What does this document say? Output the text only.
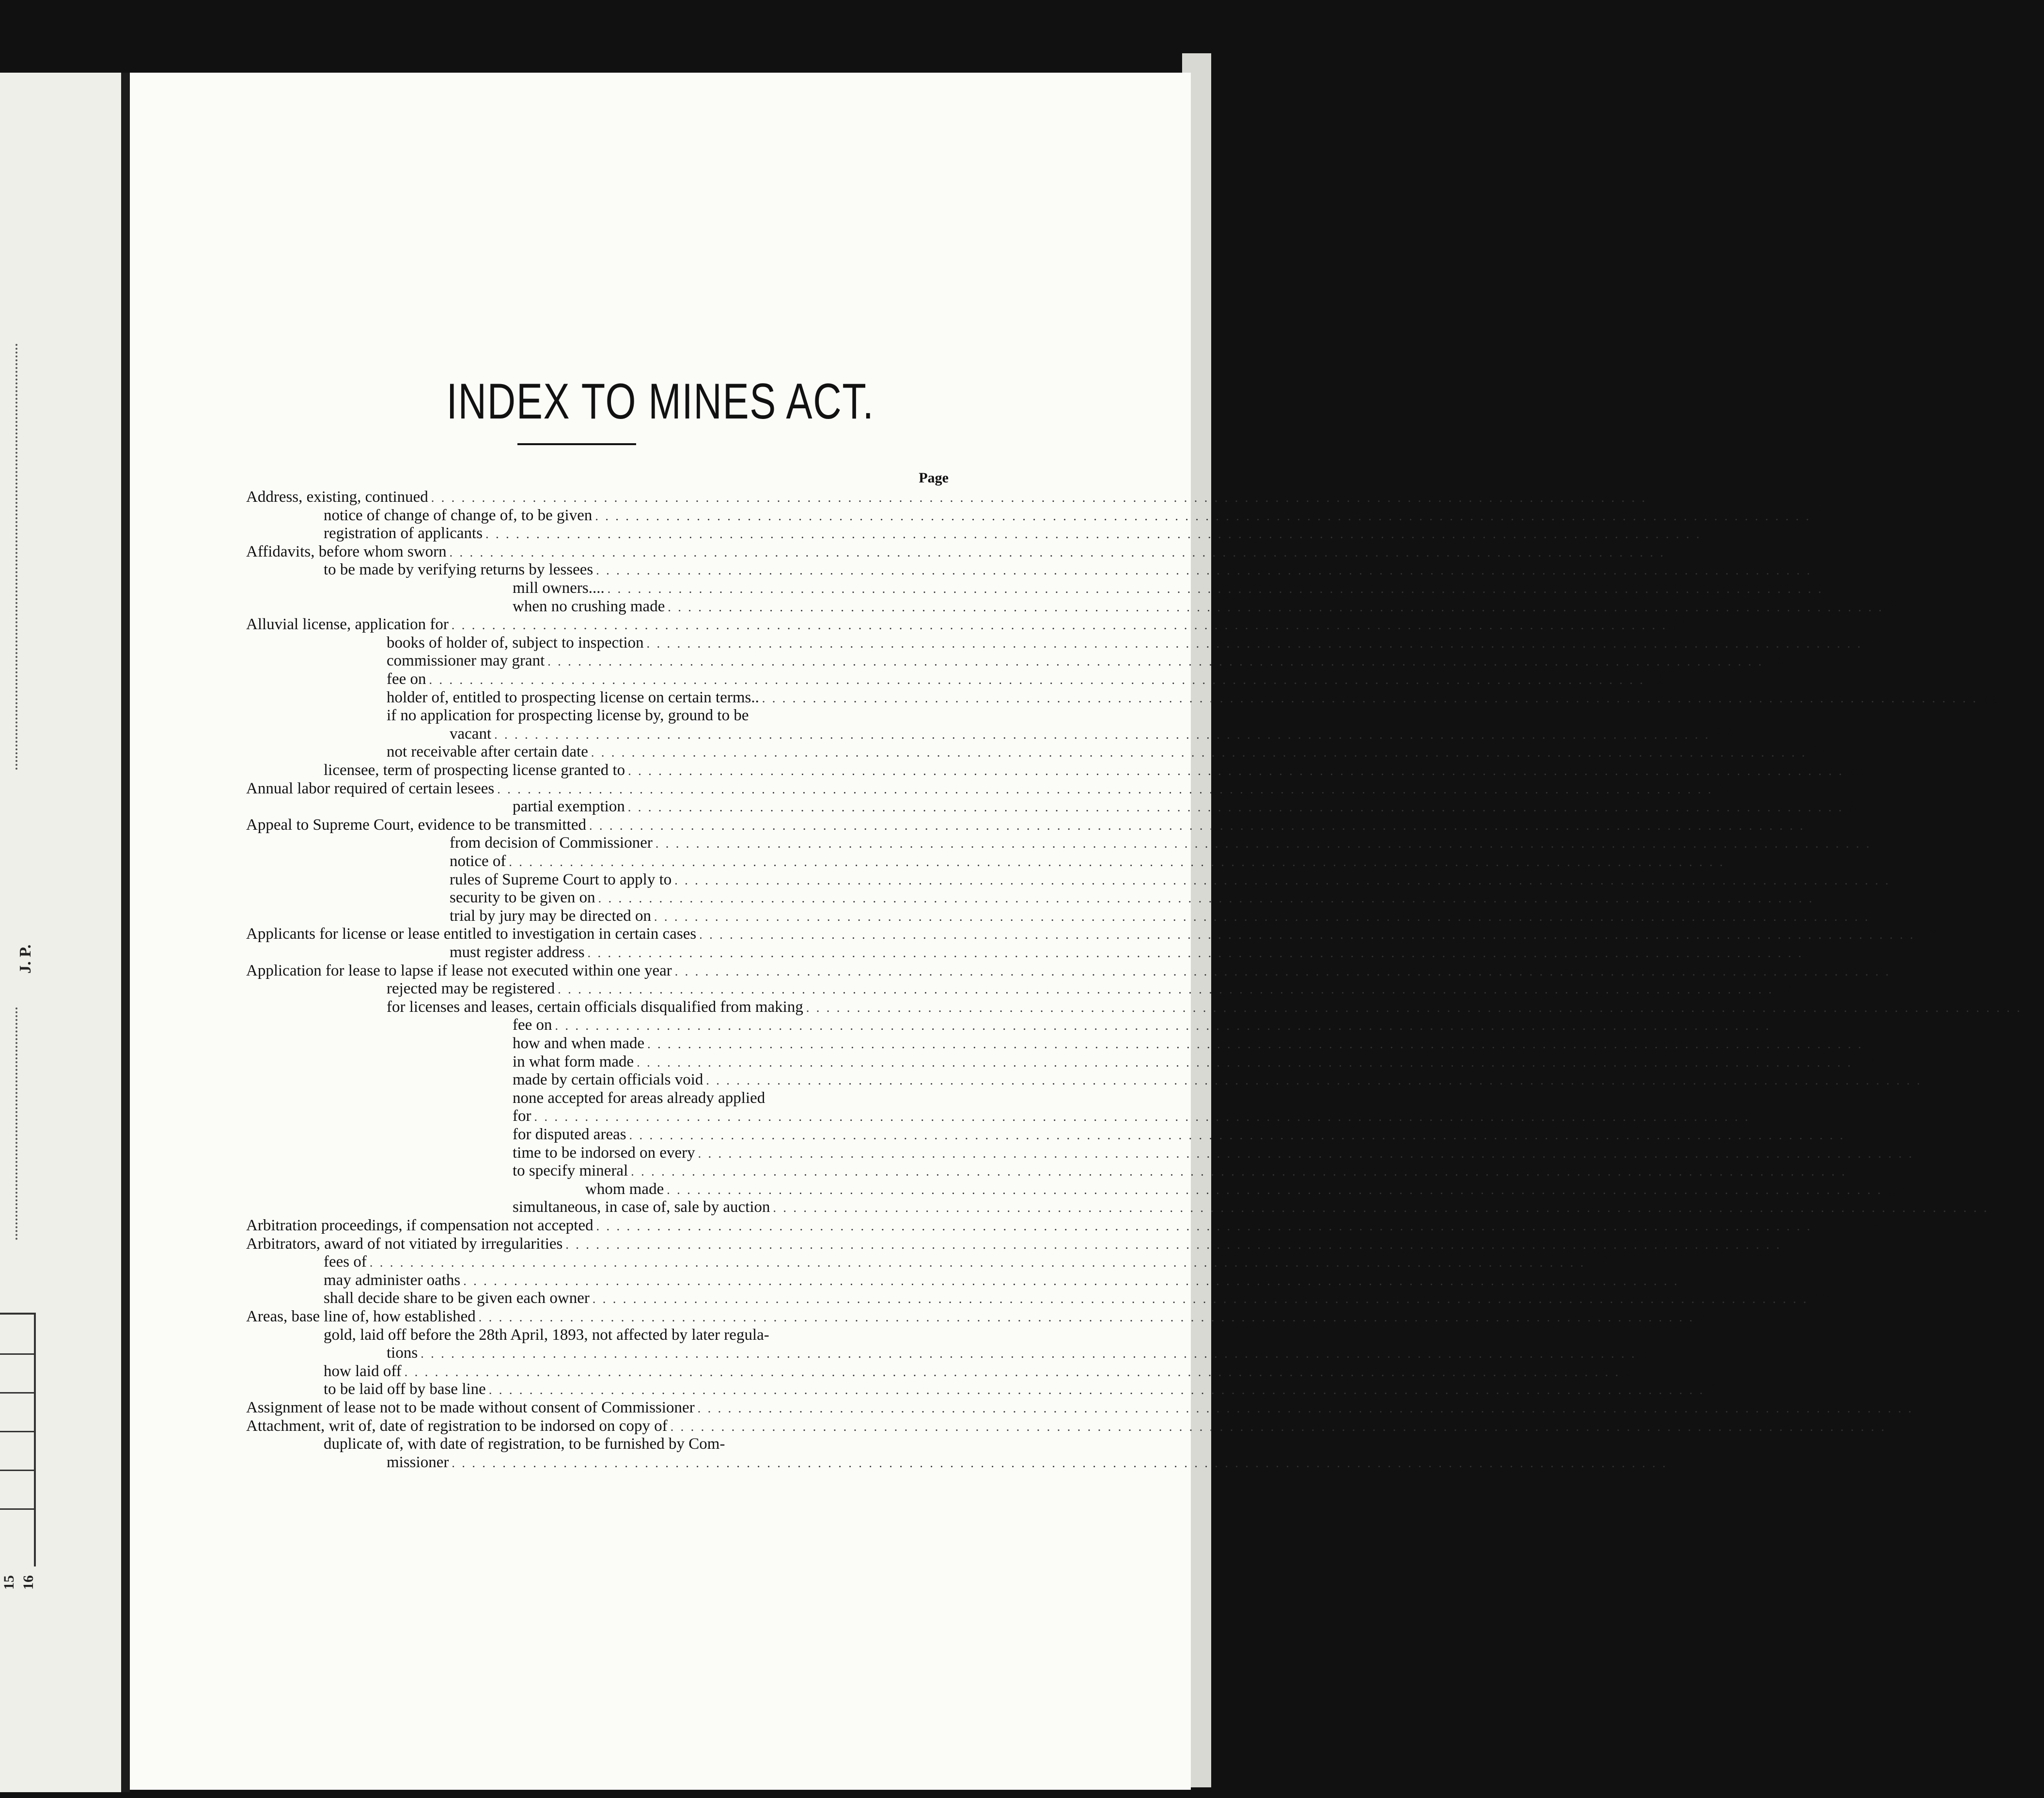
J. P.
15 16
INDEX TO MINES ACT.
Page
Address, existing, continued . . . . . . . . . . . . . . . . . . . . . . . . . . . . . . . . . . . . . . . . . . . . . . . . . . . . . . . . . . . . . . . . . . . . . . . . . . . . . . . . . . . . . . . . . . . . . . . . . . . . . . . . . . . . . . . . . . . . . . . . 22
notice of change of change of, to be given . . . . . . . . . . . . . . . . . . . . . . . . . . . . . . . . . . . . . . . . . . . . . . . . . . . . . . . . . . . . . . . . . . . . . . . . . . . . . . . . . . . . . . . . . . . . . . . . . . . . . . . . . . . . . . . . . . . . . . . . 22
registration of applicants . . . . . . . . . . . . . . . . . . . . . . . . . . . . . . . . . . . . . . . . . . . . . . . . . . . . . . . . . . . . . . . . . . . . . . . . . . . . . . . . . . . . . . . . . . . . . . . . . . . . . . . . . . . . . . . . . . . . . . . . 22
Affidavits, before whom sworn . . . . . . . . . . . . . . . . . . . . . . . . . . . . . . . . . . . . . . . . . . . . . . . . . . . . . . . . . . . . . . . . . . . . . . . . . . . . . . . . . . . . . . . . . . . . . . . . . . . . . . . . . . . . . . . . . . . . . . . . 22
to be made by verifying returns by lessees . . . . . . . . . . . . . . . . . . . . . . . . . . . . . . . . . . . . . . . . . . . . . . . . . . . . . . . . . . . . . . . . . . . . . . . . . . . . . . . . . . . . . . . . . . . . . . . . . . . . . . . . . . . . . . . . . . . . . . . . 40
mill owners.... . . . . . . . . . . . . . . . . . . . . . . . . . . . . . . . . . . . . . . . . . . . . . . . . . . . . . . . . . . . . . . . . . . . . . . . . . . . . . . . . . . . . . . . . . . . . . . . . . . . . . . . . . . . . . . . . . . . . . . . . 30
when no crushing made . . . . . . . . . . . . . . . . . . . . . . . . . . . . . . . . . . . . . . . . . . . . . . . . . . . . . . . . . . . . . . . . . . . . . . . . . . . . . . . . . . . . . . . . . . . . . . . . . . . . . . . . . . . . . . . . . . . . . . . . 30
Alluvial license, application for . . . . . . . . . . . . . . . . . . . . . . . . . . . . . . . . . . . . . . . . . . . . . . . . . . . . . . . . . . . . . . . . . . . . . . . . . . . . . . . . . . . . . . . . . . . . . . . . . . . . . . . . . . . . . . . . . . . . . . . . 35
books of holder of, subject to inspection . . . . . . . . . . . . . . . . . . . . . . . . . . . . . . . . . . . . . . . . . . . . . . . . . . . . . . . . . . . . . . . . . . . . . . . . . . . . . . . . . . . . . . . . . . . . . . . . . . . . . . . . . . . . . . . . . . . . . . . . 35
commissioner may grant . . . . . . . . . . . . . . . . . . . . . . . . . . . . . . . . . . . . . . . . . . . . . . . . . . . . . . . . . . . . . . . . . . . . . . . . . . . . . . . . . . . . . . . . . . . . . . . . . . . . . . . . . . . . . . . . . . . . . . . . 35
fee on . . . . . . . . . . . . . . . . . . . . . . . . . . . . . . . . . . . . . . . . . . . . . . . . . . . . . . . . . . . . . . . . . . . . . . . . . . . . . . . . . . . . . . . . . . . . . . . . . . . . . . . . . . . . . . . . . . . . . . . . 35
holder of, entitled to prospecting license on certain terms.. . . . . . . . . . . . . . . . . . . . . . . . . . . . . . . . . . . . . . . . . . . . . . . . . . . . . . . . . . . . . . . . . . . . . . . . . . . . . . . . . . . . . . . . . . . . . . . . . . . . . . . . . . . . . . . . . . . . . . . . . 35
if no application for prospecting license by, ground to be
vacant . . . . . . . . . . . . . . . . . . . . . . . . . . . . . . . . . . . . . . . . . . . . . . . . . . . . . . . . . . . . . . . . . . . . . . . . . . . . . . . . . . . . . . . . . . . . . . . . . . . . . . . . . . . . . . . . . . . . . . . . 36
not receivable after certain date . . . . . . . . . . . . . . . . . . . . . . . . . . . . . . . . . . . . . . . . . . . . . . . . . . . . . . . . . . . . . . . . . . . . . . . . . . . . . . . . . . . . . . . . . . . . . . . . . . . . . . . . . . . . . . . . . . . . . . . . 35
licensee, term of prospecting license granted to . . . . . . . . . . . . . . . . . . . . . . . . . . . . . . . . . . . . . . . . . . . . . . . . . . . . . . . . . . . . . . . . . . . . . . . . . . . . . . . . . . . . . . . . . . . . . . . . . . . . . . . . . . . . . . . . . . . . . . . . 36
Annual labor required of certain lesees . . . . . . . . . . . . . . . . . . . . . . . . . . . . . . . . . . . . . . . . . . . . . . . . . . . . . . . . . . . . . . . . . . . . . . . . . . . . . . . . . . . . . . . . . . . . . . . . . . . . . . . . . . . . . . . . . . . . . . . . 38
partial exemption . . . . . . . . . . . . . . . . . . . . . . . . . . . . . . . . . . . . . . . . . . . . . . . . . . . . . . . . . . . . . . . . . . . . . . . . . . . . . . . . . . . . . . . . . . . . . . . . . . . . . . . . . . . . . . . . . . . . . . . . 38
Appeal to Supreme Court, evidence to be transmitted . . . . . . . . . . . . . . . . . . . . . . . . . . . . . . . . . . . . . . . . . . . . . . . . . . . . . . . . . . . . . . . . . . . . . . . . . . . . . . . . . . . . . . . . . . . . . . . . . . . . . . . . . . . . . . . . . . . . . . . . 21
from decision of Commissioner . . . . . . . . . . . . . . . . . . . . . . . . . . . . . . . . . . . . . . . . . . . . . . . . . . . . . . . . . . . . . . . . . . . . . . . . . . . . . . . . . . . . . . . . . . . . . . . . . . . . . . . . . . . . . . . . . . . . . . . . 21
notice of . . . . . . . . . . . . . . . . . . . . . . . . . . . . . . . . . . . . . . . . . . . . . . . . . . . . . . . . . . . . . . . . . . . . . . . . . . . . . . . . . . . . . . . . . . . . . . . . . . . . . . . . . . . . . . . . . . . . . . . . 21
rules of Supreme Court to apply to . . . . . . . . . . . . . . . . . . . . . . . . . . . . . . . . . . . . . . . . . . . . . . . . . . . . . . . . . . . . . . . . . . . . . . . . . . . . . . . . . . . . . . . . . . . . . . . . . . . . . . . . . . . . . . . . . . . . . . . . 21
security to be given on . . . . . . . . . . . . . . . . . . . . . . . . . . . . . . . . . . . . . . . . . . . . . . . . . . . . . . . . . . . . . . . . . . . . . . . . . . . . . . . . . . . . . . . . . . . . . . . . . . . . . . . . . . . . . . . . . . . . . . . . 21
trial by jury may be directed on . . . . . . . . . . . . . . . . . . . . . . . . . . . . . . . . . . . . . . . . . . . . . . . . . . . . . . . . . . . . . . . . . . . . . . . . . . . . . . . . . . . . . . . . . . . . . . . . . . . . . . . . . . . . . . . . . . . . . . . . 21
Applicants for license or lease entitled to investigation in certain cases . . . . . . . . . . . . . . . . . . . . . . . . . . . . . . . . . . . . . . . . . . . . . . . . . . . . . . . . . . . . . . . . . . . . . . . . . . . . . . . . . . . . . . . . . . . . . . . . . . . . . . . . . . . . . . . . . . . . . . . . 7
must register address . . . . . . . . . . . . . . . . . . . . . . . . . . . . . . . . . . . . . . . . . . . . . . . . . . . . . . . . . . . . . . . . . . . . . . . . . . . . . . . . . . . . . . . . . . . . . . . . . . . . . . . . . . . . . . . . . . . . . . . . 22
Application for lease to lapse if lease not executed within one year . . . . . . . . . . . . . . . . . . . . . . . . . . . . . . . . . . . . . . . . . . . . . . . . . . . . . . . . . . . . . . . . . . . . . . . . . . . . . . . . . . . . . . . . . . . . . . . . . . . . . . . . . . . . . . . . . . . . . . . . 8
rejected may be registered . . . . . . . . . . . . . . . . . . . . . . . . . . . . . . . . . . . . . . . . . . . . . . . . . . . . . . . . . . . . . . . . . . . . . . . . . . . . . . . . . . . . . . . . . . . . . . . . . . . . . . . . . . . . . . . . . . . . . . . . 25
for licenses and leases, certain officials disqualified from making . . . . . . . . . . . . . . . . . . . . . . . . . . . . . . . . . . . . . . . . . . . . . . . . . . . . . . . . . . . . . . . . . . . . . . . . . . . . . . . . . . . . . . . . . . . . . . . . . . . . . . . . . . . . . . . . . . . . . . . . 6
fee on . . . . . . . . . . . . . . . . . . . . . . . . . . . . . . . . . . . . . . . . . . . . . . . . . . . . . . . . . . . . . . . . . . . . . . . . . . . . . . . . . . . . . . . . . . . . . . . . . . . . . . . . . . . . . . . . . . . . . . . . 40
how and when made . . . . . . . . . . . . . . . . . . . . . . . . . . . . . . . . . . . . . . . . . . . . . . . . . . . . . . . . . . . . . . . . . . . . . . . . . . . . . . . . . . . . . . . . . . . . . . . . . . . . . . . . . . . . . . . . . . . . . . . . 6
in what form made . . . . . . . . . . . . . . . . . . . . . . . . . . . . . . . . . . . . . . . . . . . . . . . . . . . . . . . . . . . . . . . . . . . . . . . . . . . . . . . . . . . . . . . . . . . . . . . . . . . . . . . . . . . . . . . . . . . . . . . . 7
made by certain officials void . . . . . . . . . . . . . . . . . . . . . . . . . . . . . . . . . . . . . . . . . . . . . . . . . . . . . . . . . . . . . . . . . . . . . . . . . . . . . . . . . . . . . . . . . . . . . . . . . . . . . . . . . . . . . . . . . . . . . . . . 6
none accepted for areas already applied
for . . . . . . . . . . . . . . . . . . . . . . . . . . . . . . . . . . . . . . . . . . . . . . . . . . . . . . . . . . . . . . . . . . . . . . . . . . . . . . . . . . . . . . . . . . . . . . . . . . . . . . . . . . . . . . . . . . . . . . . . 7
for disputed areas . . . . . . . . . . . . . . . . . . . . . . . . . . . . . . . . . . . . . . . . . . . . . . . . . . . . . . . . . . . . . . . . . . . . . . . . . . . . . . . . . . . . . . . . . . . . . . . . . . . . . . . . . . . . . . . . . . . . . . . . 7
time to be indorsed on every . . . . . . . . . . . . . . . . . . . . . . . . . . . . . . . . . . . . . . . . . . . . . . . . . . . . . . . . . . . . . . . . . . . . . . . . . . . . . . . . . . . . . . . . . . . . . . . . . . . . . . . . . . . . . . . . . . . . . . . . 7
to specify mineral . . . . . . . . . . . . . . . . . . . . . . . . . . . . . . . . . . . . . . . . . . . . . . . . . . . . . . . . . . . . . . . . . . . . . . . . . . . . . . . . . . . . . . . . . . . . . . . . . . . . . . . . . . . . . . . . . . . . . . . . 40
whom made . . . . . . . . . . . . . . . . . . . . . . . . . . . . . . . . . . . . . . . . . . . . . . . . . . . . . . . . . . . . . . . . . . . . . . . . . . . . . . . . . . . . . . . . . . . . . . . . . . . . . . . . . . . . . . . . . . . . . . . . 6, 36
simultaneous, in case of, sale by auction . . . . . . . . . . . . . . . . . . . . . . . . . . . . . . . . . . . . . . . . . . . . . . . . . . . . . . . . . . . . . . . . . . . . . . . . . . . . . . . . . . . . . . . . . . . . . . . . . . . . . . . . . . . . . . . . . . . . . . . . 7
Arbitration proceedings, if compensation not accepted . . . . . . . . . . . . . . . . . . . . . . . . . . . . . . . . . . . . . . . . . . . . . . . . . . . . . . . . . . . . . . . . . . . . . . . . . . . . . . . . . . . . . . . . . . . . . . . . . . . . . . . . . . . . . . . . . . . . . . . . 15. 16, 17
Arbitrators, award of not vitiated by irregularities . . . . . . . . . . . . . . . . . . . . . . . . . . . . . . . . . . . . . . . . . . . . . . . . . . . . . . . . . . . . . . . . . . . . . . . . . . . . . . . . . . . . . . . . . . . . . . . . . . . . . . . . . . . . . . . . . . . . . . . . 17
fees of . . . . . . . . . . . . . . . . . . . . . . . . . . . . . . . . . . . . . . . . . . . . . . . . . . . . . . . . . . . . . . . . . . . . . . . . . . . . . . . . . . . . . . . . . . . . . . . . . . . . . . . . . . . . . . . . . . . . . . . . 46
may administer oaths . . . . . . . . . . . . . . . . . . . . . . . . . . . . . . . . . . . . . . . . . . . . . . . . . . . . . . . . . . . . . . . . . . . . . . . . . . . . . . . . . . . . . . . . . . . . . . . . . . . . . . . . . . . . . . . . . . . . . . . . 17
shall decide share to be given each owner . . . . . . . . . . . . . . . . . . . . . . . . . . . . . . . . . . . . . . . . . . . . . . . . . . . . . . . . . . . . . . . . . . . . . . . . . . . . . . . . . . . . . . . . . . . . . . . . . . . . . . . . . . . . . . . . . . . . . . . . 17
Areas, base line of, how established . . . . . . . . . . . . . . . . . . . . . . . . . . . . . . . . . . . . . . . . . . . . . . . . . . . . . . . . . . . . . . . . . . . . . . . . . . . . . . . . . . . . . . . . . . . . . . . . . . . . . . . . . . . . . . . . . . . . . . . . 37
gold, laid off before the 28th April, 1893, not affected by later regula-
tions . . . . . . . . . . . . . . . . . . . . . . . . . . . . . . . . . . . . . . . . . . . . . . . . . . . . . . . . . . . . . . . . . . . . . . . . . . . . . . . . . . . . . . . . . . . . . . . . . . . . . . . . . . . . . . . . . . . . . . . . 34
how laid off . . . . . . . . . . . . . . . . . . . . . . . . . . . . . . . . . . . . . . . . . . . . . . . . . . . . . . . . . . . . . . . . . . . . . . . . . . . . . . . . . . . . . . . . . . . . . . . . . . . . . . . . . . . . . . . . . . . . . . . . 34
to be laid off by base line . . . . . . . . . . . . . . . . . . . . . . . . . . . . . . . . . . . . . . . . . . . . . . . . . . . . . . . . . . . . . . . . . . . . . . . . . . . . . . . . . . . . . . . . . . . . . . . . . . . . . . . . . . . . . . . . . . . . . . . . 37
Assignment of lease not to be made without consent of Commissioner . . . . . . . . . . . . . . . . . . . . . . . . . . . . . . . . . . . . . . . . . . . . . . . . . . . . . . . . . . . . . . . . . . . . . . . . . . . . . . . . . . . . . . . . . . . . . . . . . . . . . . . . . . . . . . . . . . . . . . . . 44
Attachment, writ of, date of registration to be indorsed on copy of . . . . . . . . . . . . . . . . . . . . . . . . . . . . . . . . . . . . . . . . . . . . . . . . . . . . . . . . . . . . . . . . . . . . . . . . . . . . . . . . . . . . . . . . . . . . . . . . . . . . . . . . . . . . . . . . . . . . . . . . 25
duplicate of, with date of registration, to be furnished by Com-
missioner . . . . . . . . . . . . . . . . . . . . . . . . . . . . . . . . . . . . . . . . . . . . . . . . . . . . . . . . . . . . . . . . . . . . . . . . . . . . . . . . . . . . . . . . . . . . . . . . . . . . . . . . . . . . . . . . . . . . . . . . 26
